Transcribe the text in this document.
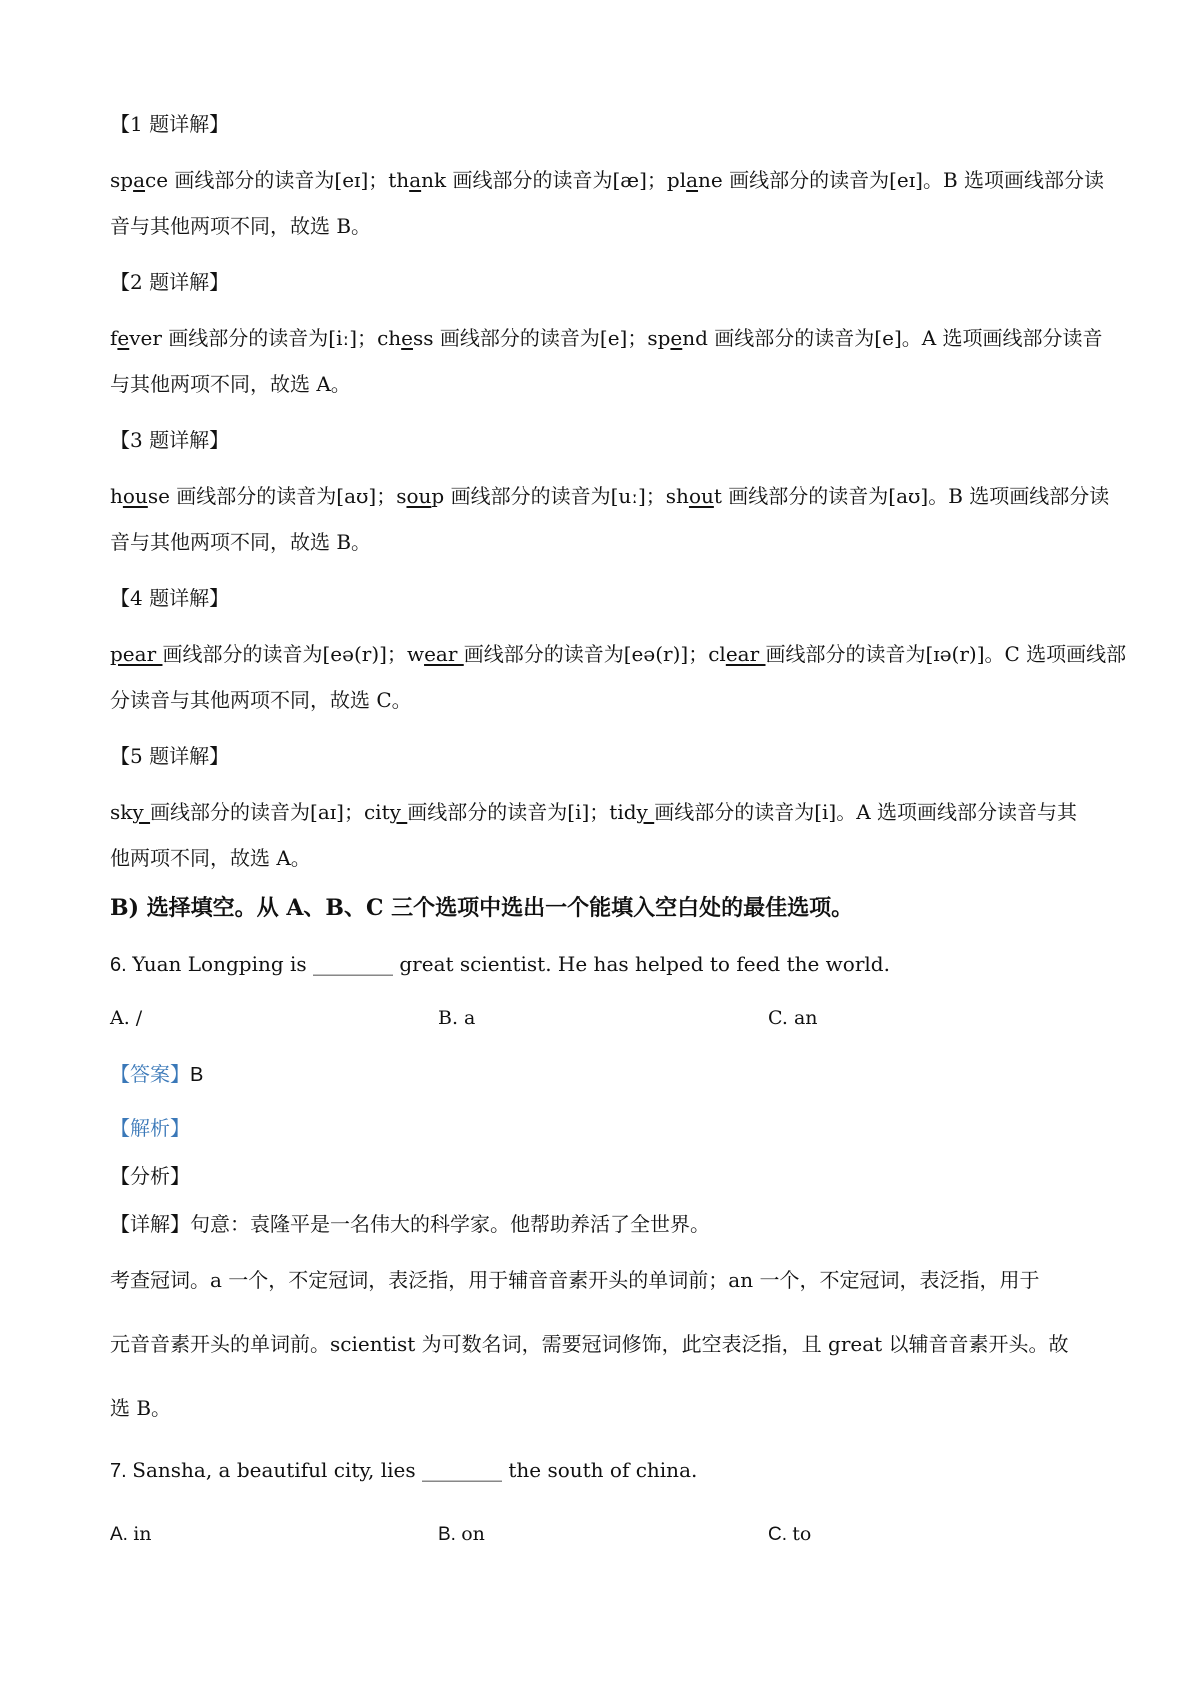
【1 题详解】
space 画线部分的读音为[eɪ]；thank 画线部分的读音为[æ]；plane 画线部分的读音为[eɪ]。B 选项画线部分读
音与其他两项不同，故选 B。
【2 题详解】
fever 画线部分的读音为[iː]；chess 画线部分的读音为[e]；spend 画线部分的读音为[e]。A 选项画线部分读音
与其他两项不同，故选 A。
【3 题详解】
house 画线部分的读音为[aʊ]；soup 画线部分的读音为[uː]；shout 画线部分的读音为[aʊ]。B 选项画线部分读
音与其他两项不同，故选 B。
【4 题详解】
pear 画线部分的读音为[eə(r)]；wear 画线部分的读音为[eə(r)]；clear 画线部分的读音为[ɪə(r)]。C 选项画线部
分读音与其他两项不同，故选 C。
【5 题详解】
sky 画线部分的读音为[aɪ]；city 画线部分的读音为[i]；tidy 画线部分的读音为[i]。A 选项画线部分读音与其
他两项不同，故选 A。
B) 选择填空。从 A、B、C 三个选项中选出一个能填入空白处的最佳选项。
6. Yuan Longping is ________ great scientist. He has helped to feed the world.
A. /	B. a	C. an
【答案】B
【解析】
【分析】
【详解】句意：袁隆平是一名伟大的科学家。他帮助养活了全世界。
考查冠词。a 一个，不定冠词，表泛指，用于辅音音素开头的单词前；an 一个，不定冠词，表泛指，用于
元音音素开头的单词前。scientist 为可数名词，需要冠词修饰，此空表泛指，且 great 以辅音音素开头。故
选 B。
7. Sansha, a beautiful city, lies ________ the south of china.
A. in	B. on	C. to
